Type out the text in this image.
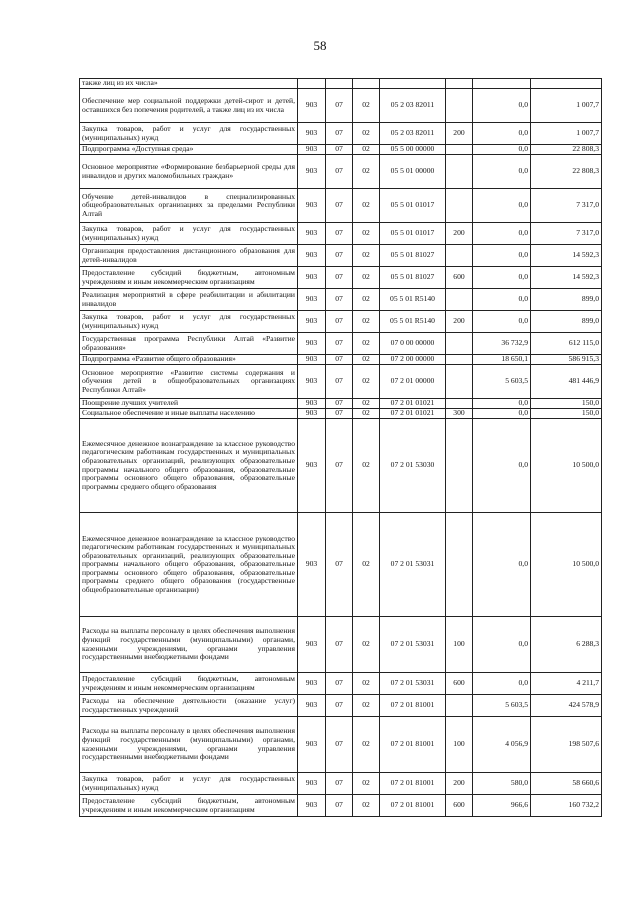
58
также лиц из их числа»							
Обеспечение мер социальной поддержки детей-сирот и детей, оставшихся без попечения родителей, а также лиц из их числа	903	07	02	05 2 03 82011		0,0	1 007,7
Закупка товаров, работ и услуг для государственных (муниципальных) нужд	903	07	02	05 2 03 82011	200	0,0	1 007,7
Подпрограмма «Доступная среда»	903	07	02	05 5 00 00000		0,0	22 808,3
Основное мероприятие «Формирование безбарьерной среды для инвалидов и других маломобильных граждан»	903	07	02	05 5 01 00000		0,0	22 808,3
Обучение детей-инвалидов в специализированных общеобразовательных организациях за пределами Республики Алтай	903	07	02	05 5 01 01017		0,0	7 317,0
Закупка товаров, работ и услуг для государственных (муниципальных) нужд	903	07	02	05 5 01 01017	200	0,0	7 317,0
Организация предоставления дистанционного образования для детей-инвалидов	903	07	02	05 5 01 81027		0,0	14 592,3
Предоставление субсидий бюджетным, автономным учреждениям и иным некоммерческим организациям	903	07	02	05 5 01 81027	600	0,0	14 592,3
Реализация мероприятий в сфере реабилитации и абилитации инвалидов	903	07	02	05 5 01 R5140		0,0	899,0
Закупка товаров, работ и услуг для государственных (муниципальных) нужд	903	07	02	05 5 01 R5140	200	0,0	899,0
Государственная программа Республики Алтай «Развитие образования»	903	07	02	07 0 00 00000		36 732,9	612 115,0
Подпрограмма «Развитие общего образования»	903	07	02	07 2 00 00000		18 650,1	586 915,3
Основное мероприятие «Развитие системы содержания и обучения детей в общеобразовательных организациях Республики Алтай»	903	07	02	07 2 01 00000		5 603,5	481 446,9
Поощрение лучших учителей	903	07	02	07 2 01 01021		0,0	150,0
Социальное обеспечение и иные выплаты населению	903	07	02	07 2 01 01021	300	0,0	150,0
Ежемесячное денежное вознаграждение за классное руководство педагогическим работникам государственных и муниципальных образовательных организаций, реализующих образовательные программы начального общего образования, образовательные программы основного общего образования, образовательные программы среднего общего образования	903	07	02	07 2 01 53030		0,0	10 500,0
Ежемесячное денежное вознаграждение за классное руководство педагогическим работникам государственных и муниципальных образовательных организаций, реализующих образовательные программы начального общего образования, образовательные программы основного общего образования, образовательные программы среднего общего образования (государственные общеобразовательные организации)	903	07	02	07 2 01 53031		0,0	10 500,0
Расходы на выплаты персоналу в целях обеспечения выполнения функций государственными (муниципальными) органами, казенными учреждениями, органами управления государственными внебюджетными фондами	903	07	02	07 2 01 53031	100	0,0	6 288,3
Предоставление субсидий бюджетным, автономным учреждениям и иным некоммерческим организациям	903	07	02	07 2 01 53031	600	0,0	4 211,7
Расходы на обеспечение деятельности (оказание услуг) государственных учреждений	903	07	02	07 2 01 81001		5 603,5	424 578,9
Расходы на выплаты персоналу в целях обеспечения выполнения функций государственными (муниципальными) органами, казенными учреждениями, органами управления государственными внебюджетными фондами	903	07	02	07 2 01 81001	100	4 056,9	198 507,6
Закупка товаров, работ и услуг для государственных (муниципальных) нужд	903	07	02	07 2 01 81001	200	580,0	58 660,6
Предоставление субсидий бюджетным, автономным учреждениям и иным некоммерческим организациям	903	07	02	07 2 01 81001	600	966,6	160 732,2
